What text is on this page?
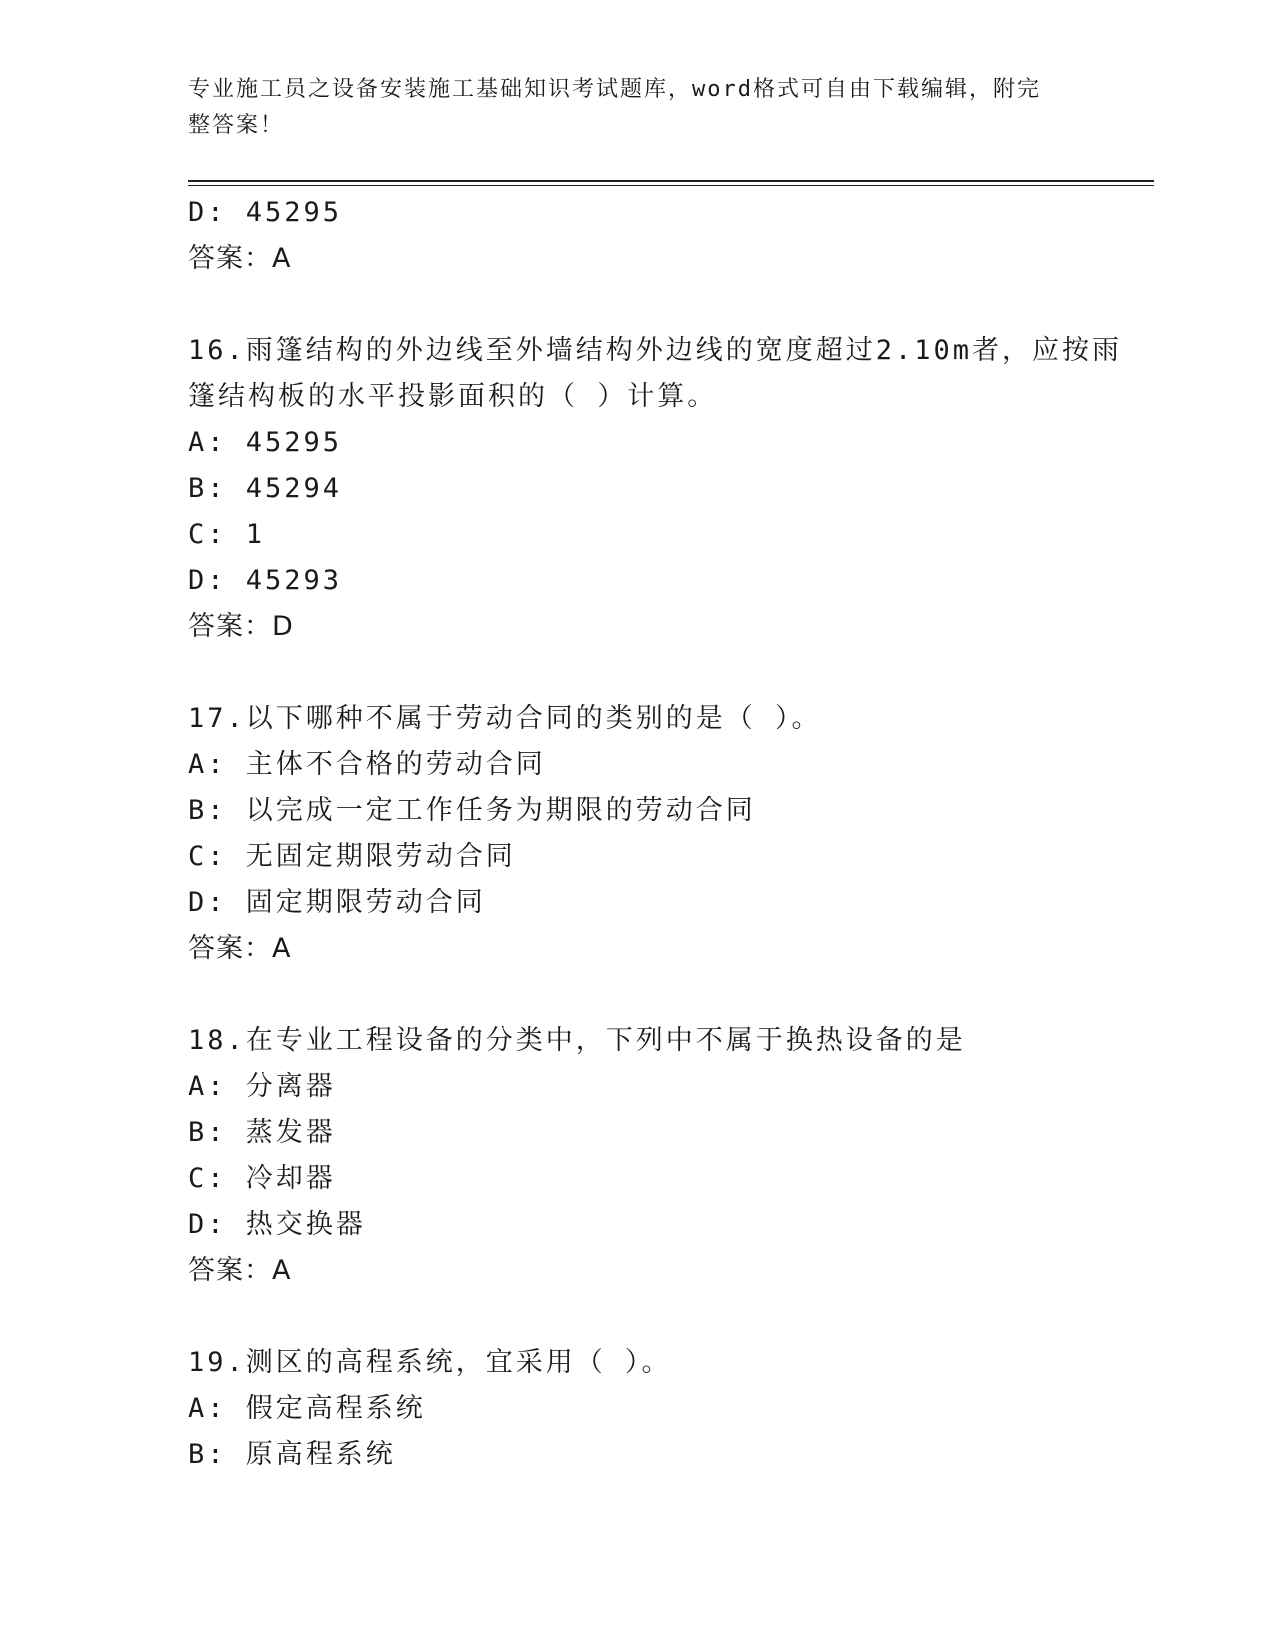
专业施工员之设备安装施工基础知识考试题库，word格式可自由下载编辑，附完
整答案！
D: 45295
答案：A
16.雨篷结构的外边线至外墙结构外边线的宽度超过2.10m者，应按雨
篷结构板的水平投影面积的（ ）计算。
A: 45295
B: 45294
C: 1
D: 45293
答案：D
17.以下哪种不属于劳动合同的类别的是（ ）。
A: 主体不合格的劳动合同
B: 以完成一定工作任务为期限的劳动合同
C: 无固定期限劳动合同
D: 固定期限劳动合同
答案：A
18.在专业工程设备的分类中，下列中不属于换热设备的是
A: 分离器
B: 蒸发器
C: 冷却器
D: 热交换器
答案：A
19.测区的高程系统，宜采用（ ）。
A: 假定高程系统
B: 原高程系统
